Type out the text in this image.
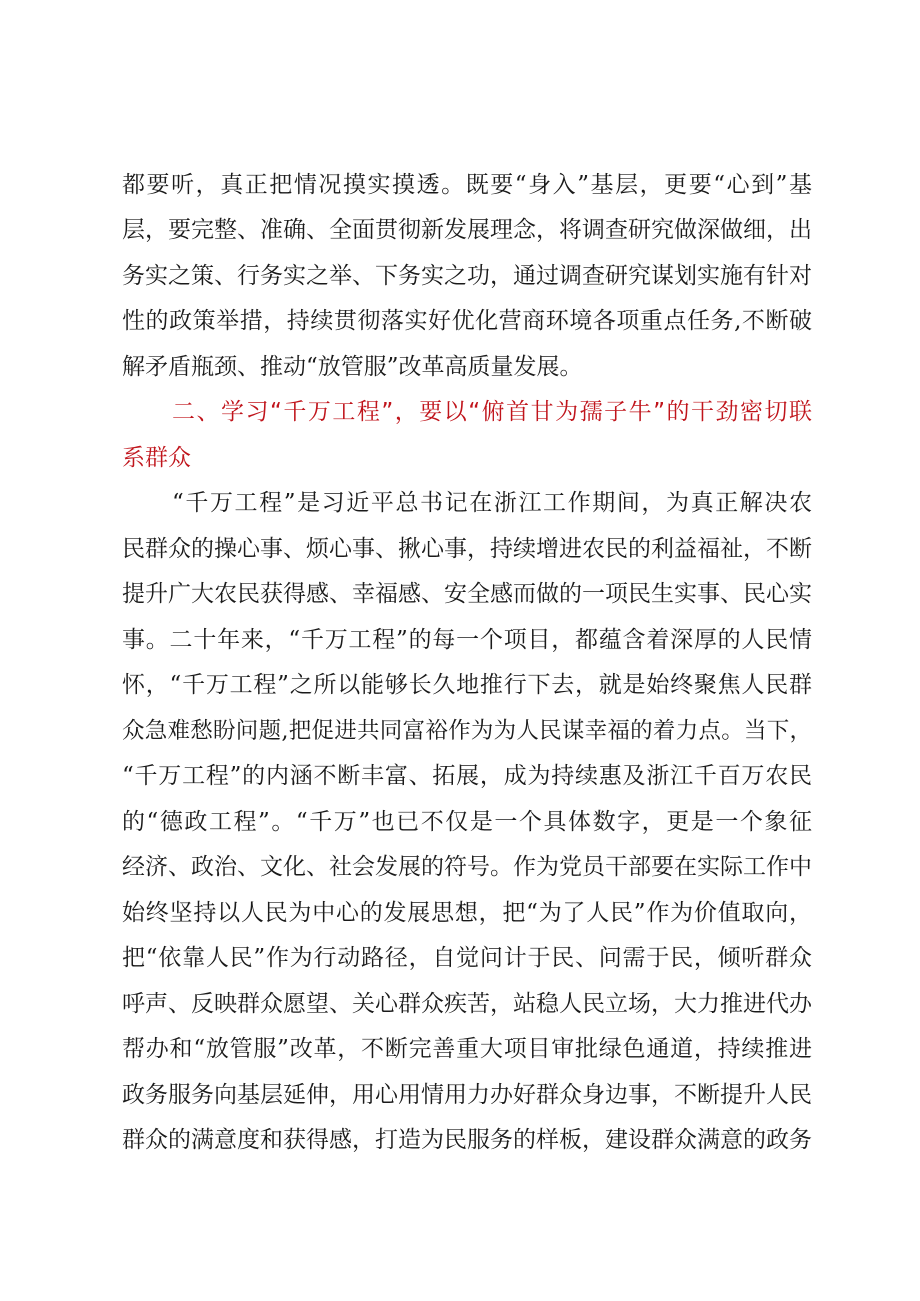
都要听，真正把情况摸实摸透。既要“身入”基层，更要“心到”基
层，要完整、准确、全面贯彻新发展理念，将调查研究做深做细，出
务实之策、行务实之举、下务实之功，通过调查研究谋划实施有针对
性的政策举措，持续贯彻落实好优化营商环境各项重点任务,不断破
解矛盾瓶颈、推动“放管服”改革高质量发展。
二、学习“千万工程”，要以“俯首甘为孺子牛”的干劲密切联
系群众
“千万工程”是习近平总书记在浙江工作期间，为真正解决农
民群众的操心事、烦心事、揪心事，持续增进农民的利益福祉，不断
提升广大农民获得感、幸福感、安全感而做的一项民生实事、民心实
事。二十年来，“千万工程”的每一个项目，都蕴含着深厚的人民情
怀，“千万工程”之所以能够长久地推行下去，就是始终聚焦人民群
众急难愁盼问题,把促进共同富裕作为为人民谋幸福的着力点。当下，
“千万工程”的内涵不断丰富、拓展，成为持续惠及浙江千百万农民
的“德政工程”。“千万”也已不仅是一个具体数字，更是一个象征
经济、政治、文化、社会发展的符号。作为党员干部要在实际工作中
始终坚持以人民为中心的发展思想，把“为了人民”作为价值取向，
把“依靠人民”作为行动路径，自觉问计于民、问需于民，倾听群众
呼声、反映群众愿望、关心群众疾苦，站稳人民立场，大力推进代办
帮办和“放管服”改革，不断完善重大项目审批绿色通道，持续推进
政务服务向基层延伸，用心用情用力办好群众身边事，不断提升人民
群众的满意度和获得感，打造为民服务的样板，建设群众满意的政务
